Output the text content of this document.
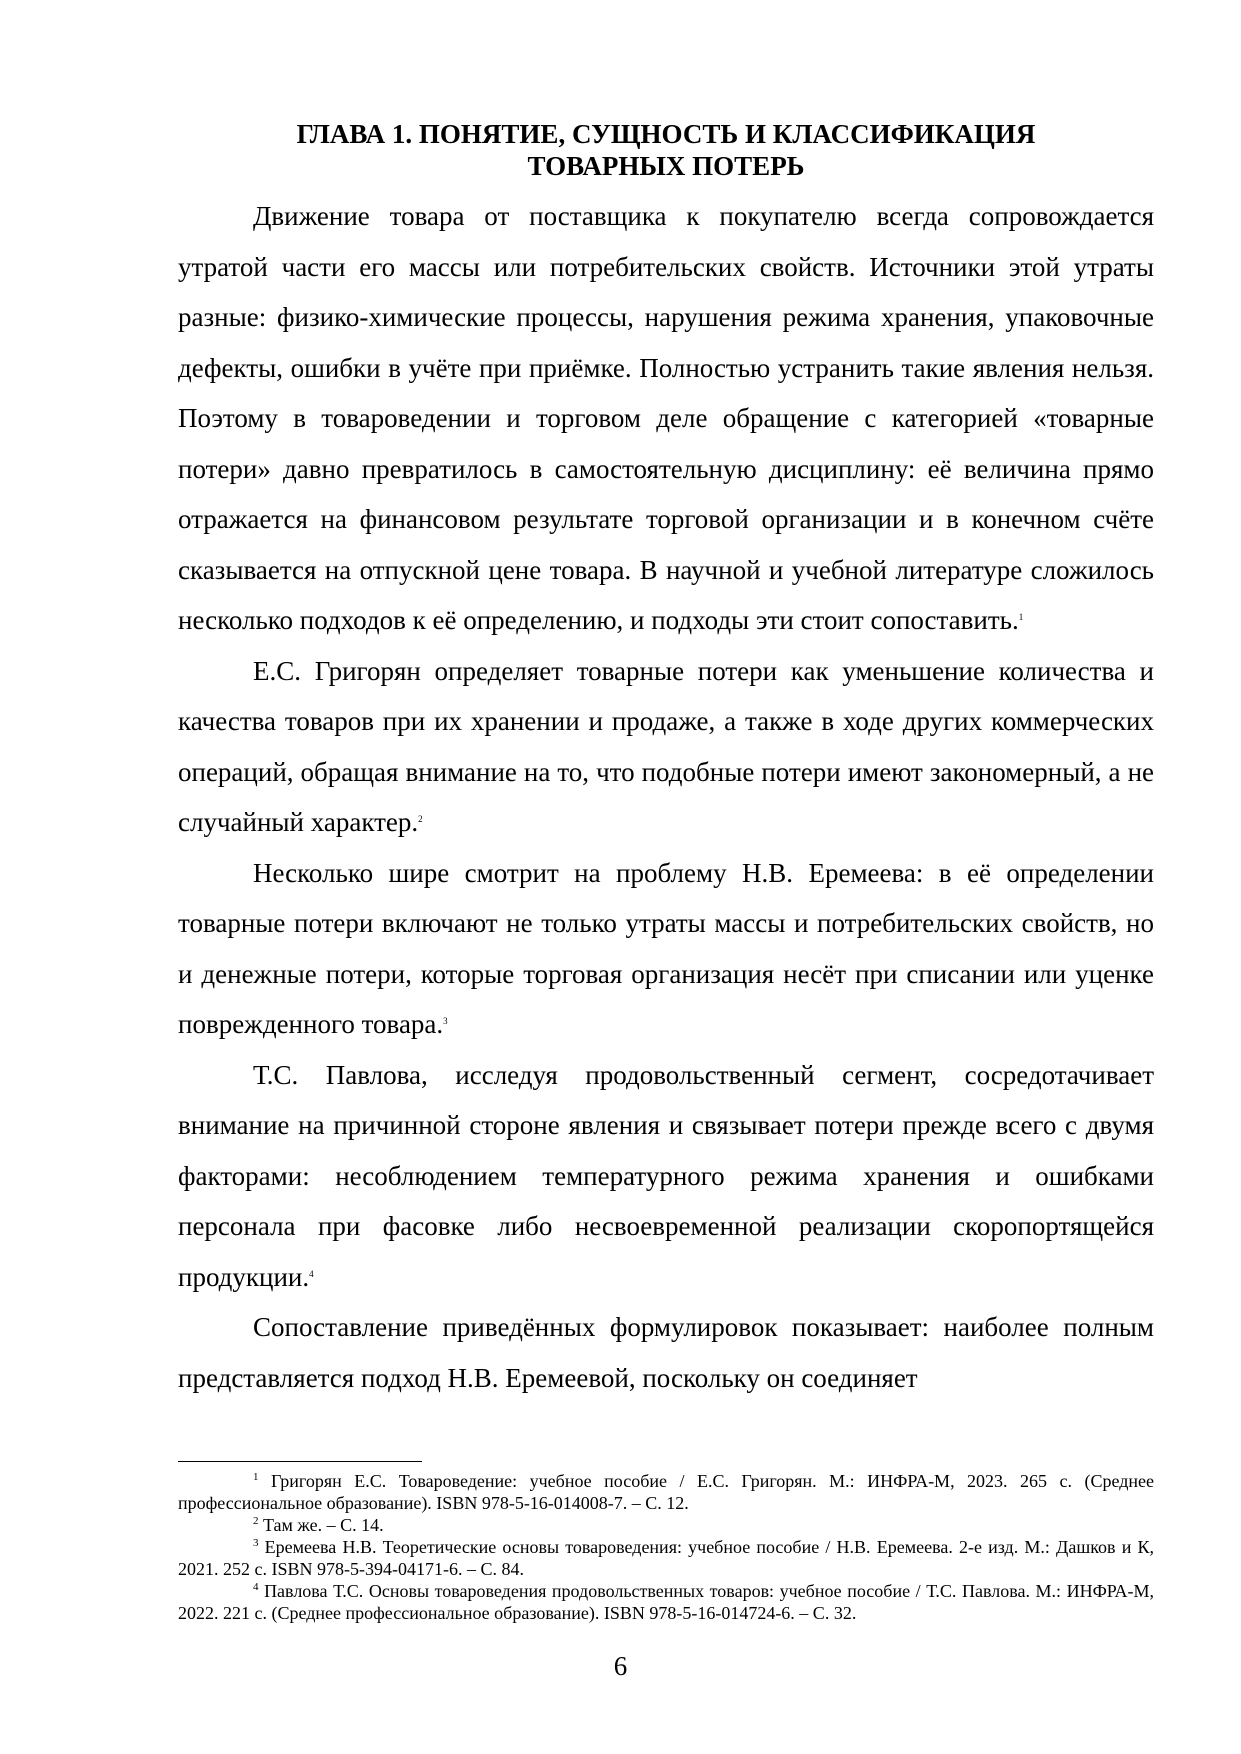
ГЛАВА 1. ПОНЯТИЕ, СУЩНОСТЬ И КЛАССИФИКАЦИЯ
ТОВАРНЫХ ПОТЕРЬ

Движение товара от поставщика к покупателю всегда сопровождается утратой части его массы или потребительских свойств. Источники этой утраты разные: физико-химические процессы, нарушения режима хранения, упаковочные дефекты, ошибки в учёте при приёмке. Полностью устранить такие явления нельзя. Поэтому в товароведении и торговом деле обращение с категорией «товарные потери» давно превратилось в самостоятельную дисциплину: её величина прямо отражается на финансовом результате торговой организации и в конечном счёте сказывается на отпускной цене товара. В научной и учебной литературе сложилось несколько подходов к её определению, и подходы эти стоит сопоставить.$^1$

Е.С. Григорян определяет товарные потери как уменьшение количества и качества товаров при их хранении и продаже, а также в ходе других коммерческих операций, обращая внимание на то, что подобные потери имеют закономерный, а не случайный характер.$^2$

Несколько шире смотрит на проблему Н.В. Еремеева: в её определении товарные потери включают не только утраты массы и потребительских свойств, но и денежные потери, которые торговая организация несёт при списании или уценке поврежденного товара.$^3$

Т.С. Павлова, исследуя продовольственный сегмент, сосредотачивает внимание на причинной стороне явления и связывает потери прежде всего с двумя факторами: несоблюдением температурного режима хранения и ошибками персонала при фасовке либо несвоевременной реализации скоропортящейся продукции.$^4$

Сопоставление приведённых формулировок показывает: наиболее полным представляется подход Н.В. Еремеевой, поскольку он соединяет

$^1$ Григорян Е.С. Товароведение: учебное пособие / Е.С. Григорян. М.: ИНФРА-М, 2023. 265 с. (Среднее профессиональное образование). ISBN 978-5-16-014008-7. – С. 12.

$^2$ Там же. – С. 14.

$^3$ Еремеева Н.В. Теоретические основы товароведения: учебное пособие / Н.В. Еремеева. 2-е изд. М.: Дашков и К, 2021. 252 с. ISBN 978-5-394-04171-6. – С. 84.

$^4$ Павлова Т.С. Основы товароведения продовольственных товаров: учебное пособие / Т.С. Павлова. М.: ИНФРА-М, 2022. 221 с. (Среднее профессиональное образование). ISBN 978-5-16-014724-6. – С. 32.

6
